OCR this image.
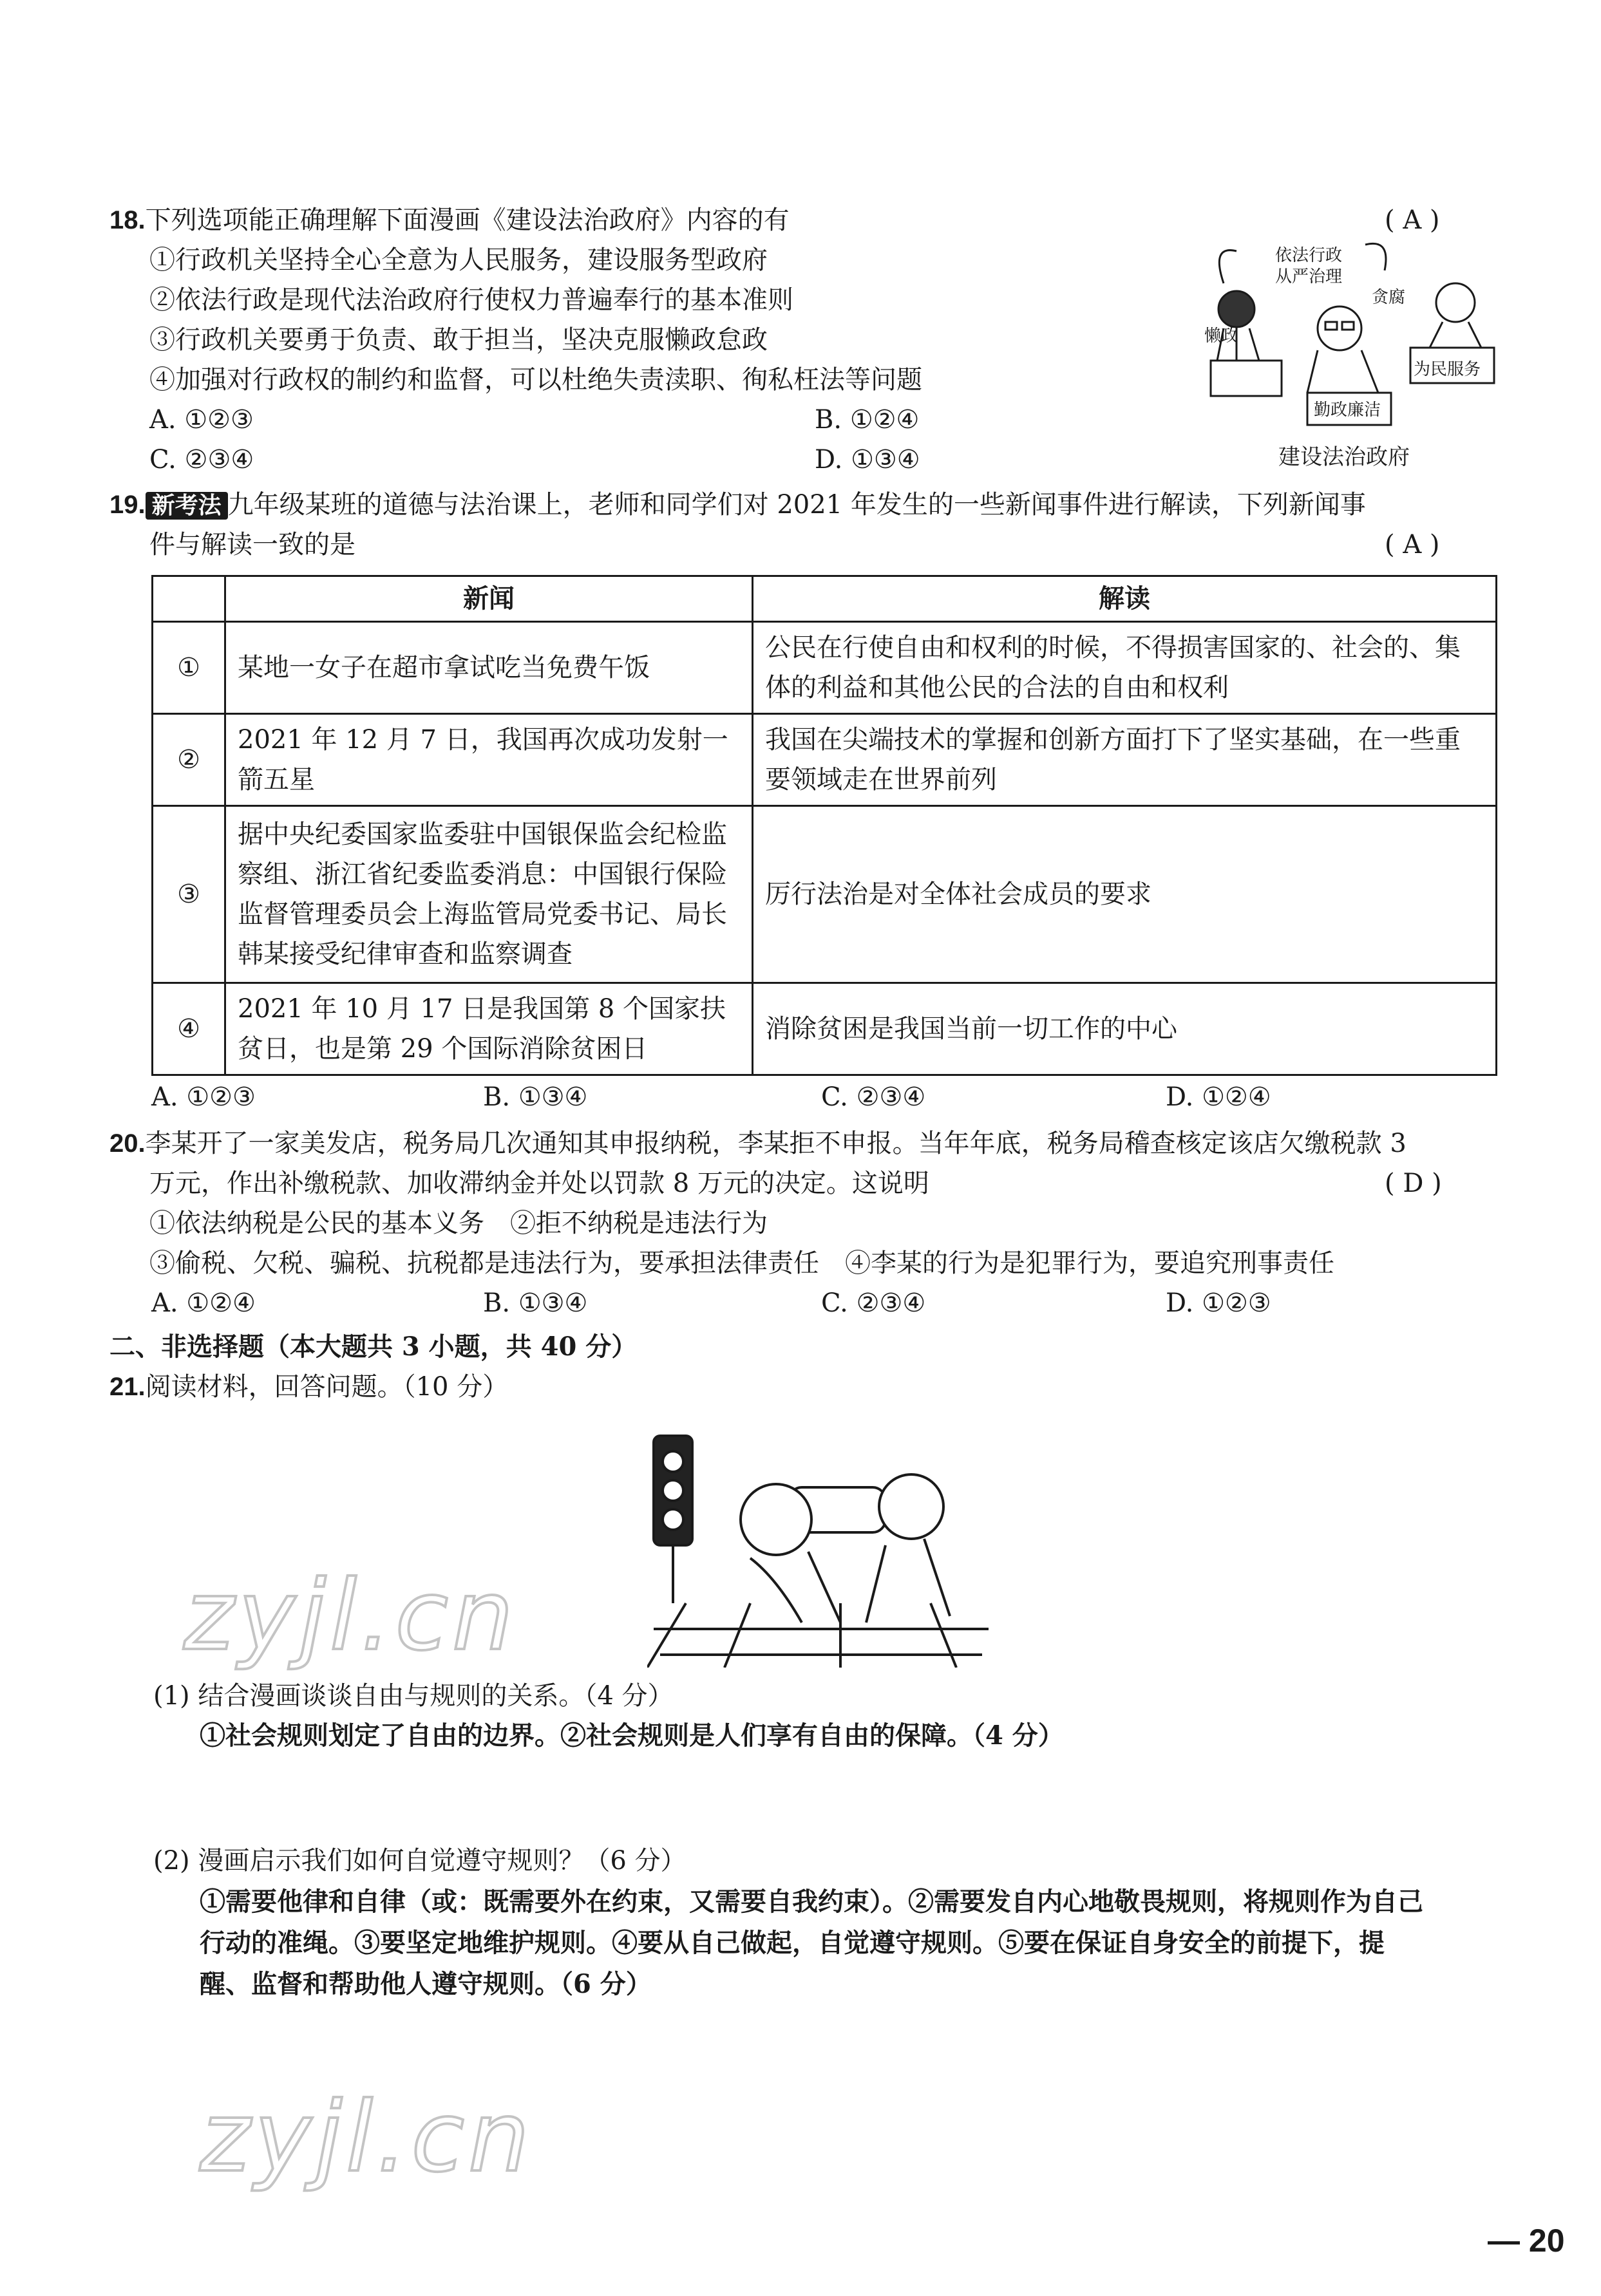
18.下列选项能正确理解下面漫画《建设法治政府》内容的有	( A )
①行政机关坚持全心全意为人民服务，建设服务型政府
②依法行政是现代法治政府行使权力普遍奉行的基本准则
③行政机关要勇于负责、敢于担当，坚决克服懒政怠政
④加强对行政权的制约和监督，可以杜绝失责渎职、徇私枉法等问题
A. ①②③	B. ①②④
C. ②③④	D. ①③④
依法行政
从严治理
贪腐
懒政
为民服务
勤政廉洁
建设法治政府
19. 新考法 九年级某班的道德与法治课上，老师和同学们对 2021 年发生的一些新闻事件进行解读，下列新闻事
件与解读一致的是	( A )
	新闻	解读
①	某地一女子在超市拿试吃当免费午饭	公民在行使自由和权利的时候，不得损害国家的、社会的、集体的利益和其他公民的合法的自由和权利
②	2021 年 12 月 7 日，我国再次成功发射一箭五星	我国在尖端技术的掌握和创新方面打下了坚实基础，在一些重要领域走在世界前列
③	据中央纪委国家监委驻中国银保监会纪检监察组、浙江省纪委监委消息：中国银行保险监督管理委员会上海监管局党委书记、局长韩某接受纪律审查和监察调查	厉行法治是对全体社会成员的要求
④	2021 年 10 月 17 日是我国第 8 个国家扶贫日，也是第 29 个国际消除贫困日	消除贫困是我国当前一切工作的中心
A. ①②③	B. ①③④	C. ②③④	D. ①②④
20.李某开了一家美发店，税务局几次通知其申报纳税，李某拒不申报。当年年底，税务局稽查核定该店欠缴税款 3
万元，作出补缴税款、加收滞纳金并处以罚款 8 万元的决定。这说明	( D )
①依法纳税是公民的基本义务　②拒不纳税是违法行为
③偷税、欠税、骗税、抗税都是违法行为，要承担法律责任　④李某的行为是犯罪行为，要追究刑事责任
A. ①②④	B. ①③④	C. ②③④	D. ①②③
二、非选择题（本大题共 3 小题，共 40 分）
21.阅读材料，回答问题。（10 分）
(1) 结合漫画谈谈自由与规则的关系。（4 分）
①社会规则划定了自由的边界。②社会规则是人们享有自由的保障。（4 分）
(2) 漫画启示我们如何自觉遵守规则？（6 分）
①需要他律和自律（或：既需要外在约束，又需要自我约束）。②需要发自内心地敬畏规则，将规则作为自己
行动的准绳。③要坚定地维护规则。④要从自己做起，自觉遵守规则。⑤要在保证自身安全的前提下，提
醒、监督和帮助他人遵守规则。（6 分）
zyjl.cn
zyjl.cn
— 20
